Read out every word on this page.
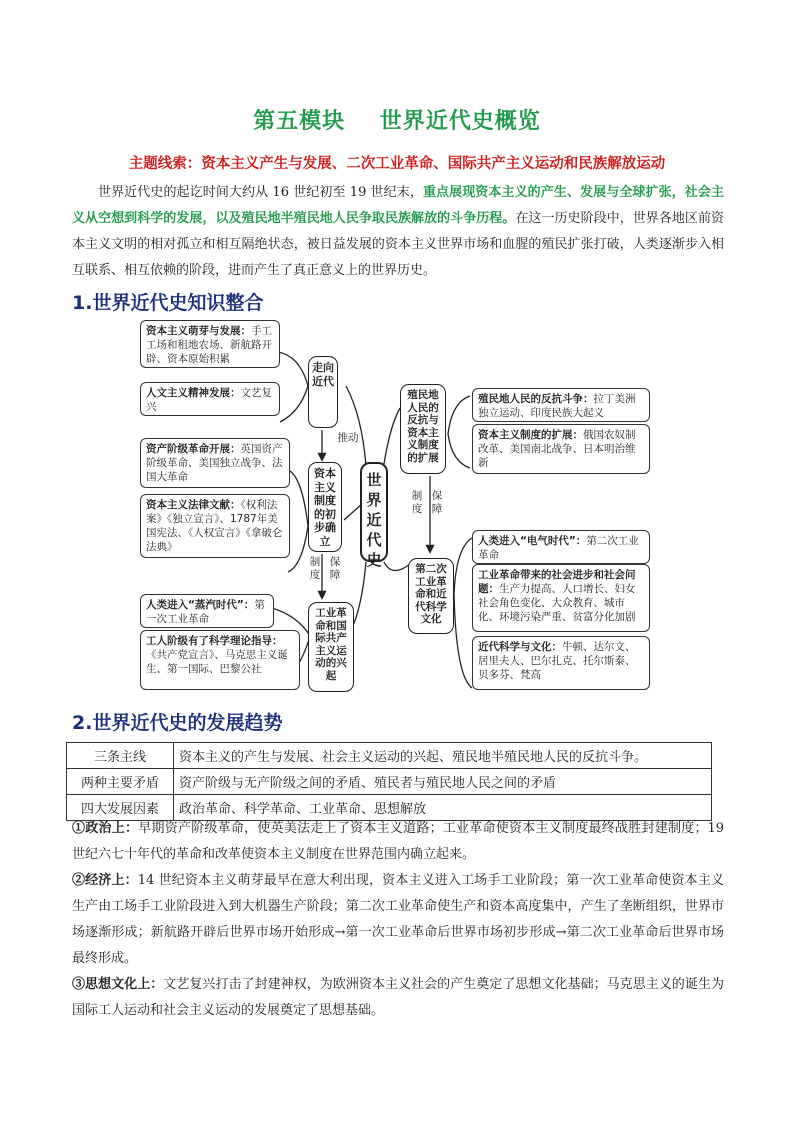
第五模块    世界近代史概览
主题线索：资本主义产生与发展、二次工业革命、国际共产主义运动和民族解放运动
世界近代史的起讫时间大约从 16 世纪初至 19 世纪末，重点展现资本主义的产生、发展与全球扩张，社会主义从空想到科学的发展，以及殖民地半殖民地人民争取民族解放的斗争历程。在这一历史阶段中，世界各地区前资本主义文明的相对孤立和相互隔绝状态，被日益发展的资本主义世界市场和血腥的殖民扩张打破，人类逐渐步入相互联系、相互依赖的阶段，进而产生了真正意义上的世界历史。
1.世界近代史知识整合
资本主义萌芽与发展：手工工场和租地农场、新航路开辟、资本原始积累
人文主义精神发展：文艺复兴
资产阶级革命开展：英国资产阶级革命、美国独立战争、法国大革命
资本主义法律文献：《权利法案》《独立宣言》、1787年美国宪法、《人权宣言》《拿破仑法典》
人类进入“蒸汽时代”：第一次工业革命
工人阶级有了科学理论指导：《共产党宣言》、马克思主义诞生、第一国际、巴黎公社
走向近代
资本主义制度的初步确立
工业革命和国际共产主义运动的兴起
世界近代史
殖民地人民的反抗与资本主义制度的扩展
第二次工业革命和近代科学文化
推动
制度
保障
制度
保障
殖民地人民的反抗斗争：拉丁美洲独立运动、印度民族大起义
资本主义制度的扩展：俄国农奴制改革、美国南北战争、日本明治维新
人类进入“电气时代”：第二次工业革命
工业革命带来的社会进步和社会问题：生产力提高、人口增长、妇女社会角色变化、大众教育、城市化、环境污染严重、贫富分化加剧
近代科学与文化：牛顿、达尔文、居里夫人、巴尔扎克、托尔斯泰、贝多芬、梵高
2.世界近代史的发展趋势
三条主线	资本主义的产生与发展、社会主义运动的兴起、殖民地半殖民地人民的反抗斗争。
两种主要矛盾	资产阶级与无产阶级之间的矛盾、殖民者与殖民地人民之间的矛盾
四大发展因素	政治革命、科学革命、工业革命、思想解放
①政治上：早期资产阶级革命，使英美法走上了资本主义道路；工业革命使资本主义制度最终战胜封建制度；19 世纪六七十年代的革命和改革使资本主义制度在世界范围内确立起来。
②经济上：14 世纪资本主义萌芽最早在意大利出现，资本主义进入工场手工业阶段；第一次工业革命使资本主义生产由工场手工业阶段进入到大机器生产阶段；第二次工业革命使生产和资本高度集中，产生了垄断组织，世界市场逐渐形成；新航路开辟后世界市场开始形成→第一次工业革命后世界市场初步形成→第二次工业革命后世界市场最终形成。
③思想文化上：文艺复兴打击了封建神权，为欧洲资本主义社会的产生奠定了思想文化基础；马克思主义的诞生为国际工人运动和社会主义运动的发展奠定了思想基础。
